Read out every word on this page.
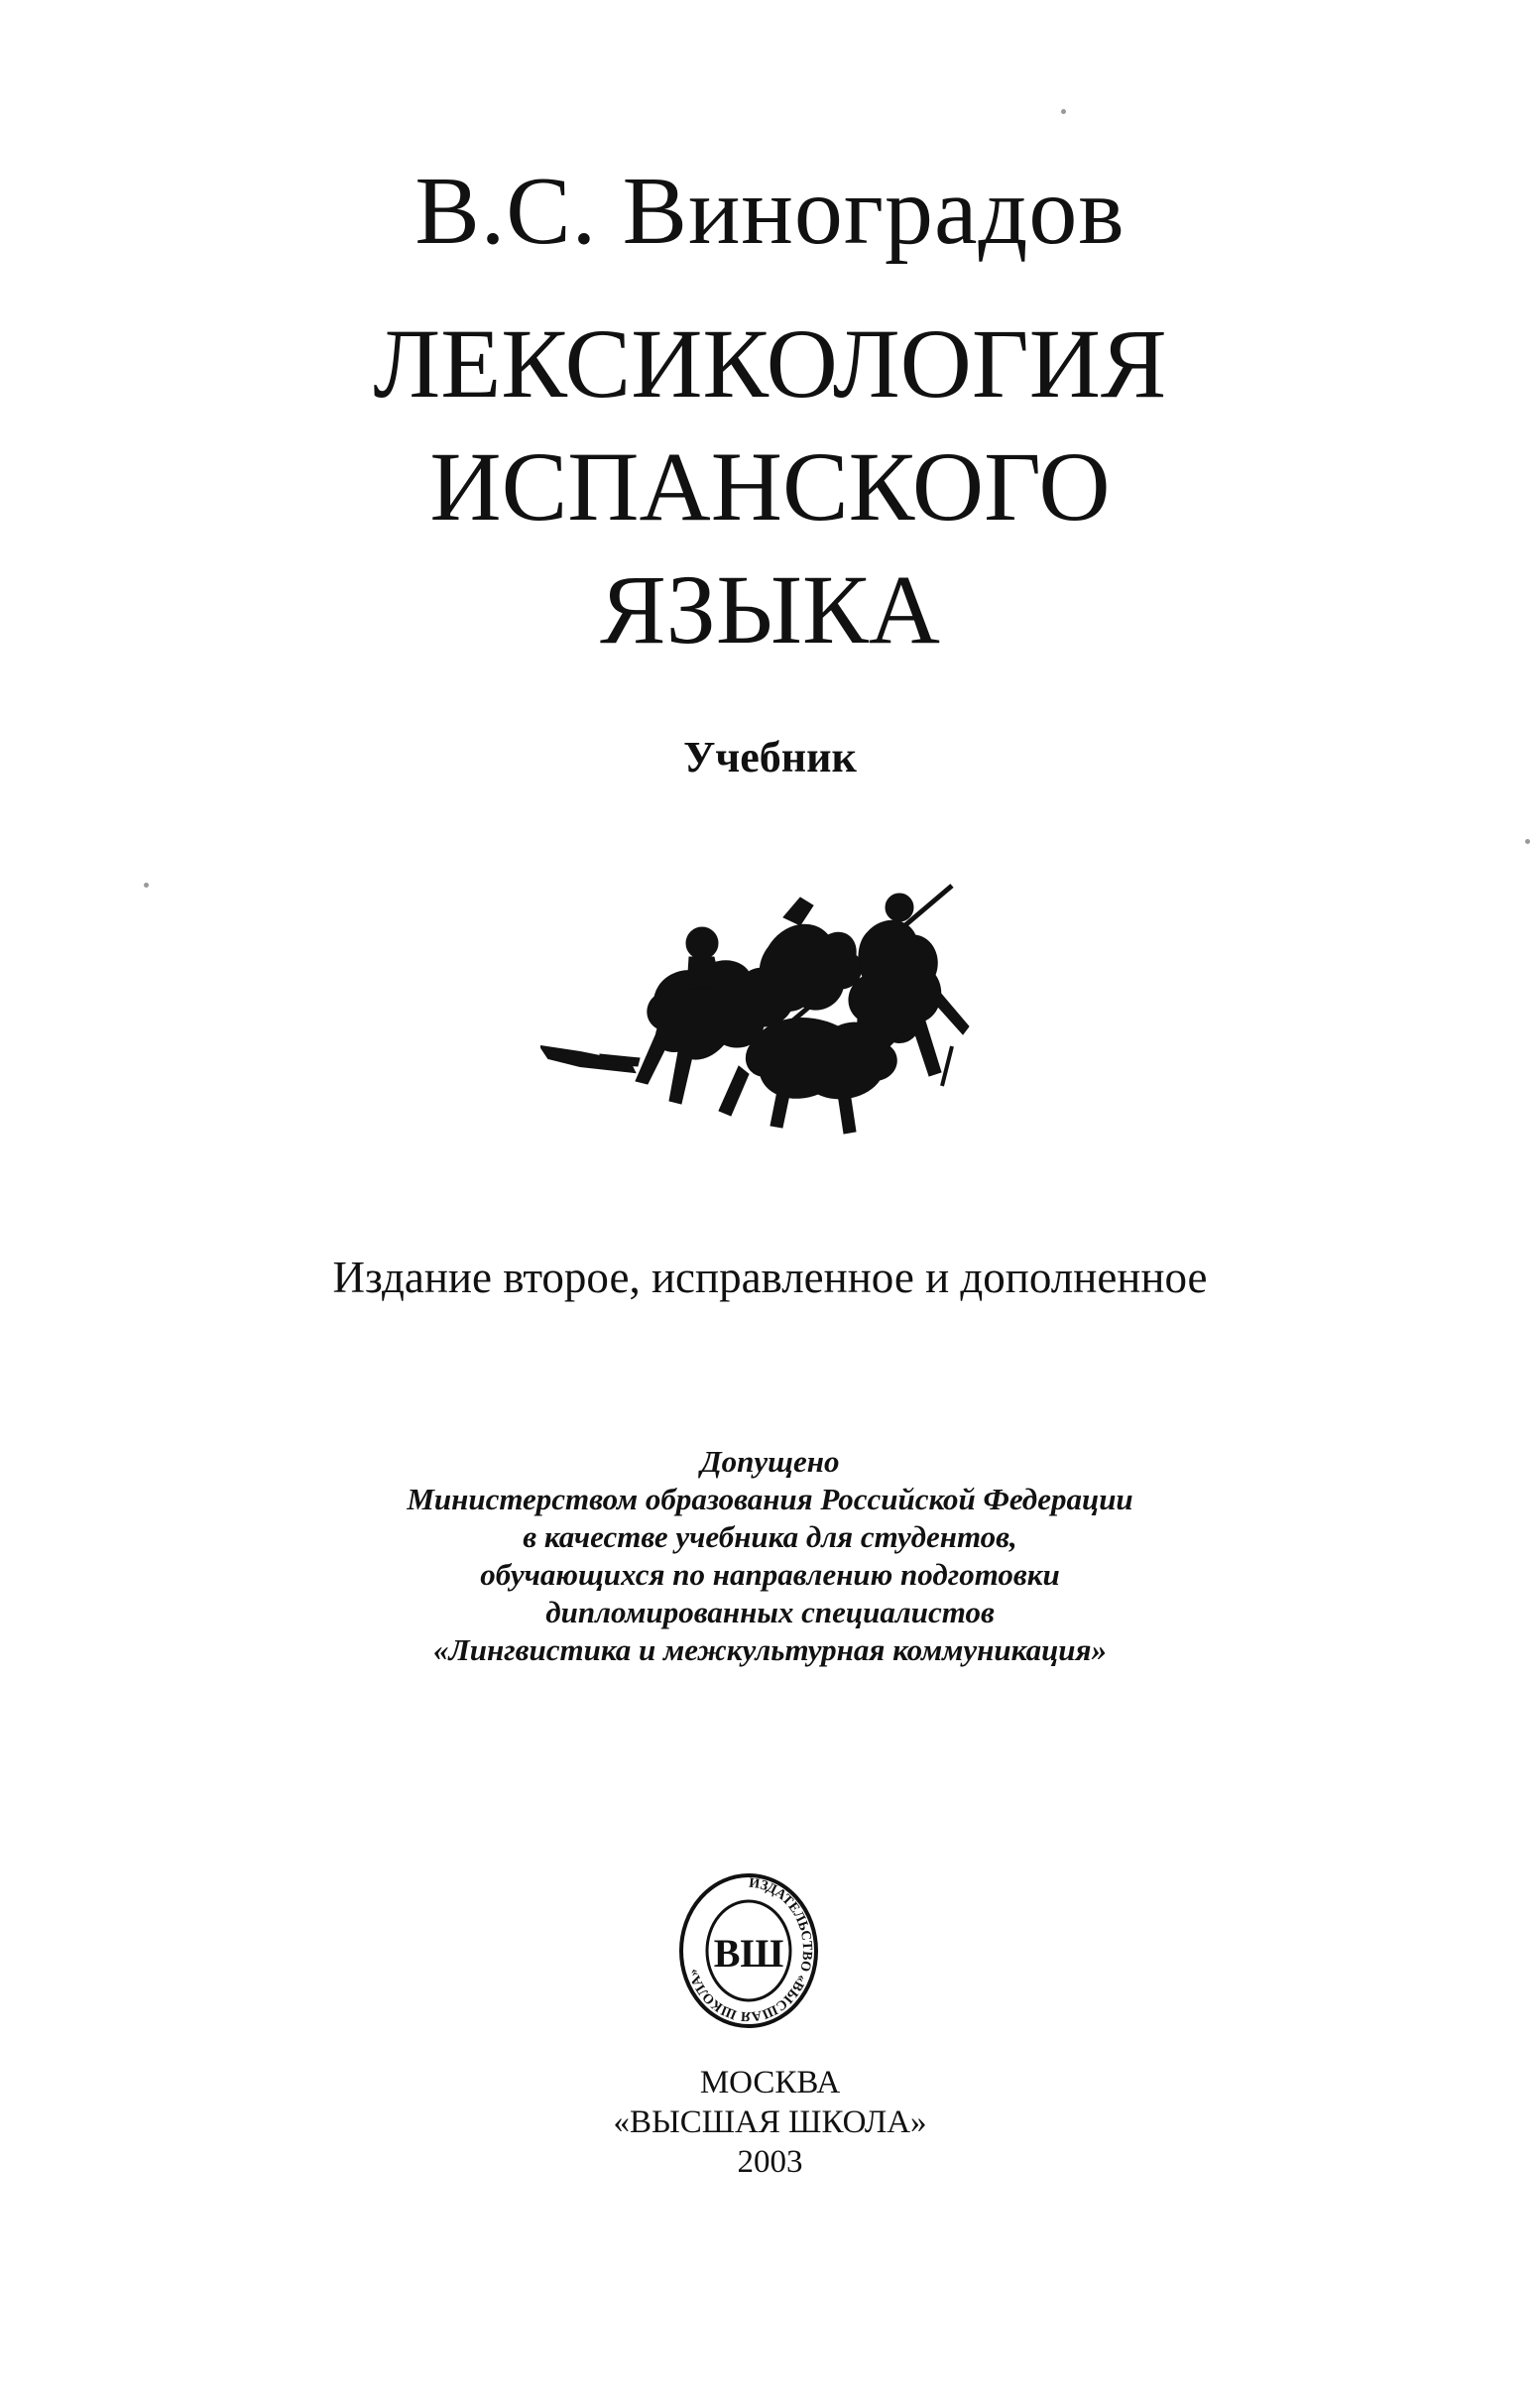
В.С. Виноградов
ЛЕКСИКОЛОГИЯ
ИСПАНСКОГО
ЯЗЫКА
Учебник
Издание второе, исправленное и дополненное
Допущено
Министерством образования Российской Федерации
в качестве учебника для студентов,
обучающихся по направлению подготовки
дипломированных специалистов
«Лингвистика и межкультурная коммуникация»
ИЗДАТЕЛЬСТВО «ВЫСШАЯ ШКОЛА» ВШ
МОСКВА
«ВЫСШАЯ ШКОЛА»
2003
